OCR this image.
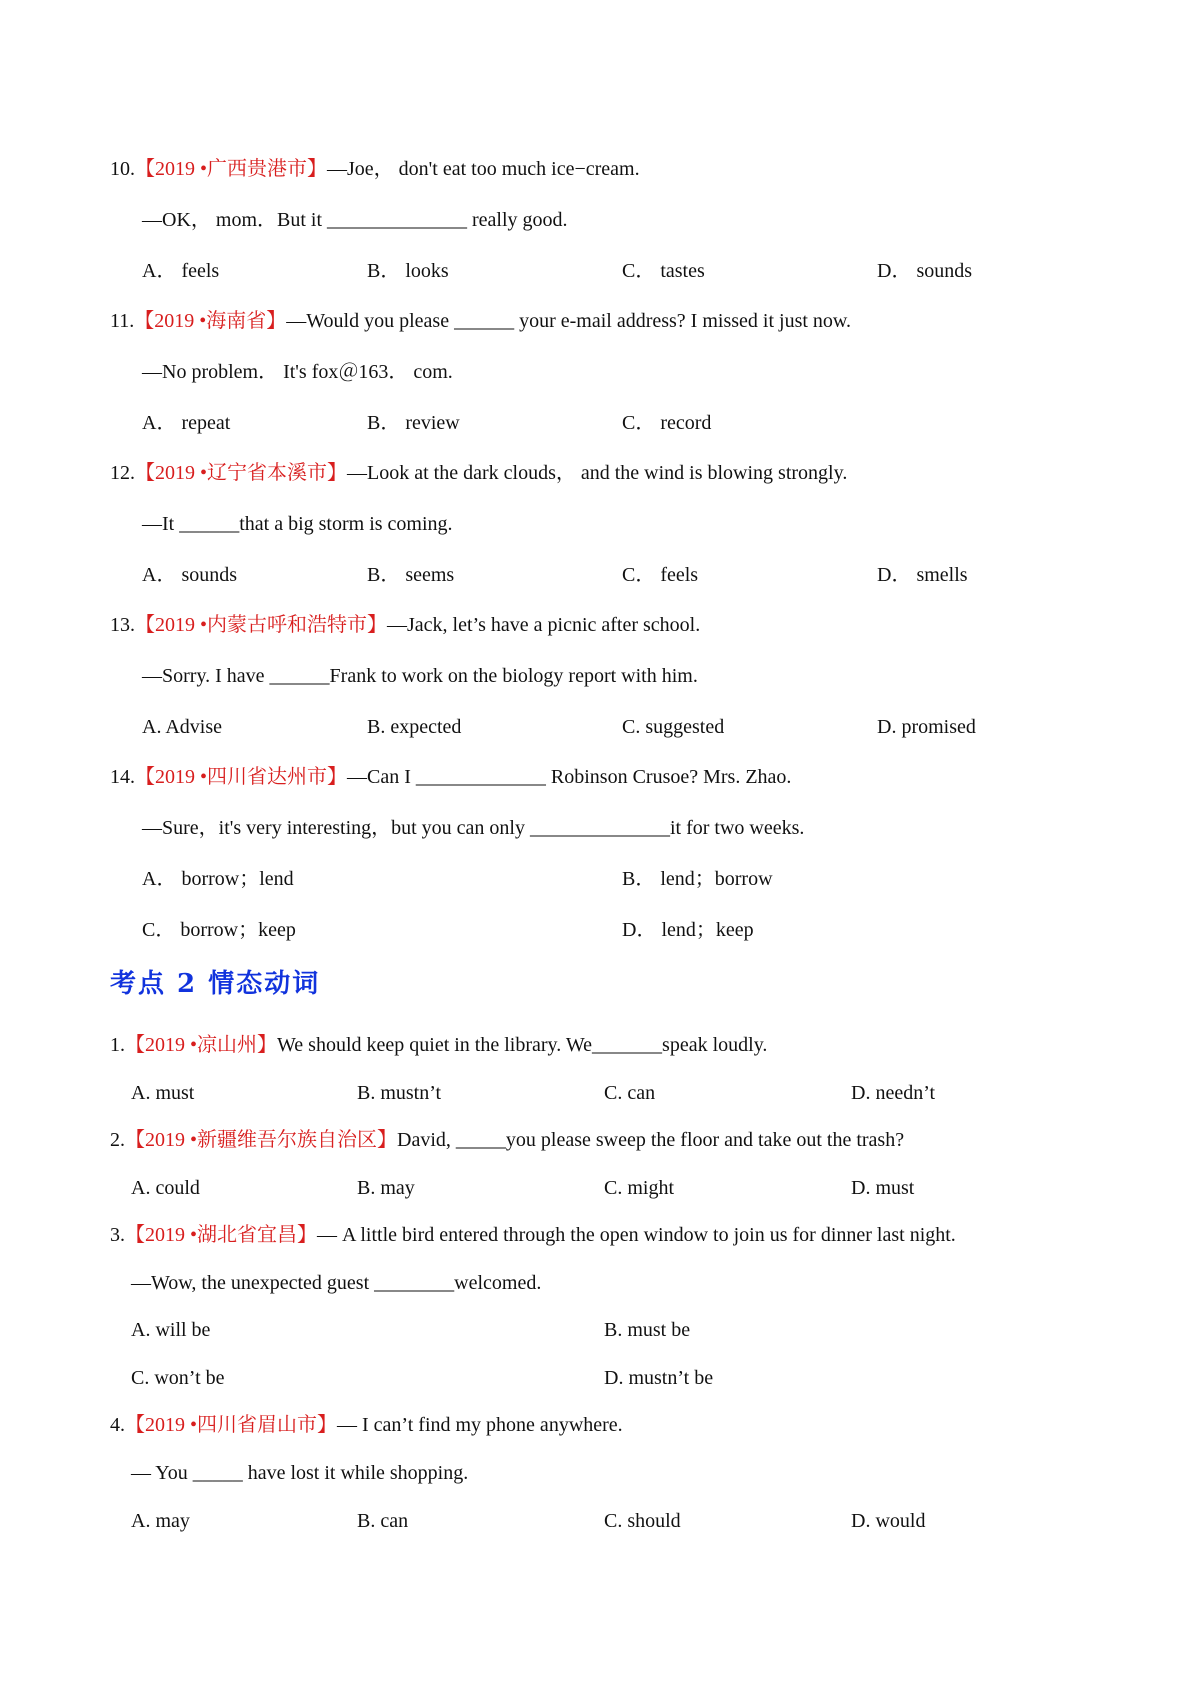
10.【2019 •广西贵港市】—Joe， don't eat too much ice−cream.
—OK， mom．But it ______________ really good.
A． feels	B． looks	C． tastes	D． sounds
11.【2019 •海南省】—Would you please ______ your e-mail address? I missed it just now.
—No problem． It's fox＠163． com.
A． repeat	B． review	C． record
12.【2019 •辽宁省本溪市】—Look at the dark clouds， and the wind is blowing strongly.
—It ______that a big storm is coming.
A． sounds	B． seems	C． feels	D． smells
13.【2019 •内蒙古呼和浩特市】—Jack, let’s have a picnic after school.
—Sorry. I have ______Frank to work on the biology report with him.
A. Advise	B. expected	C. suggested	D. promised
14.【2019 •四川省达州市】—Can I _____________ Robinson Crusoe? Mrs. Zhao.
—Sure，it's very interesting，but you can only ______________it for two weeks.
A． borrow；lend	B． lend；borrow
C． borrow；keep	D． lend；keep
考点 2 情态动词
1.【2019 •凉山州】We should keep quiet in the library. We_______speak loudly.
A. must	B. mustn’t	C. can	D. needn’t
2.【2019 •新疆维吾尔族自治区】David, _____you please sweep the floor and take out the trash?
A. could	B. may	C. might	D. must
3.【2019 •湖北省宜昌】— A little bird entered through the open window to join us for dinner last night.
—Wow, the unexpected guest ________welcomed.
A. will be	B. must be
C. won’t be	D. mustn’t be
4.【2019 •四川省眉山市】— I can’t find my phone anywhere.
— You _____ have lost it while shopping.
A. may	B. can	C. should	D. would
